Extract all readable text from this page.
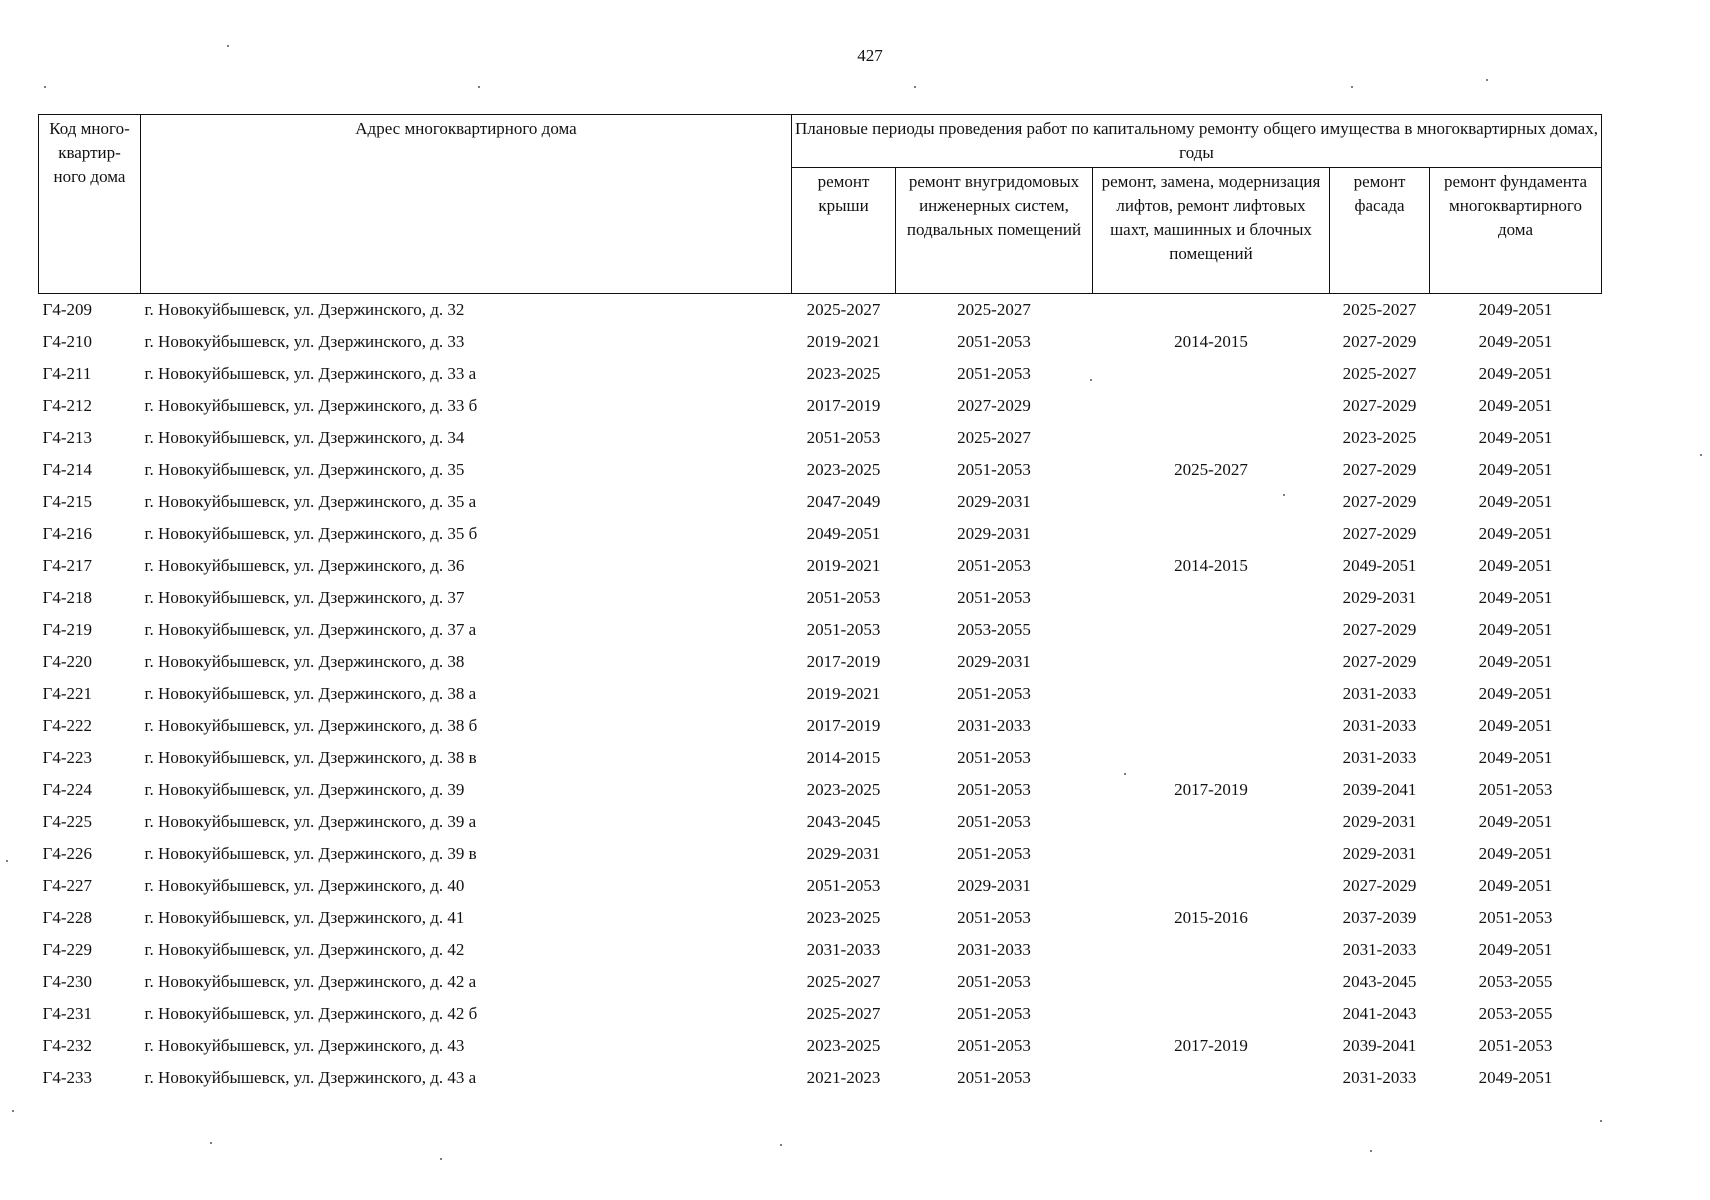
427
Код много-квартир-ного дома	Адрес многоквартирного дома	Плановые периоды проведения работ по капитальному ремонту общего имущества в многоквартирных домах, годы				
		ремонт крыши	ремонт внугридомовых инженерных систем, подвальных помещений	ремонт, замена, модернизация лифтов, ремонт лифтовых шахт, машинных и блочных помещений	ремонт фасада	ремонт фундамента многоквартирного дома
Г4-209	г. Новокуйбышевск, ул. Дзержинского, д. 32	2025-2027	2025-2027		2025-2027	2049-2051
Г4-210	г. Новокуйбышевск, ул. Дзержинского, д. 33	2019-2021	2051-2053	2014-2015	2027-2029	2049-2051
Г4-211	г. Новокуйбышевск, ул. Дзержинского, д. 33 а	2023-2025	2051-2053		2025-2027	2049-2051
Г4-212	г. Новокуйбышевск, ул. Дзержинского, д. 33 б	2017-2019	2027-2029		2027-2029	2049-2051
Г4-213	г. Новокуйбышевск, ул. Дзержинского, д. 34	2051-2053	2025-2027		2023-2025	2049-2051
Г4-214	г. Новокуйбышевск, ул. Дзержинского, д. 35	2023-2025	2051-2053	2025-2027	2027-2029	2049-2051
Г4-215	г. Новокуйбышевск, ул. Дзержинского, д. 35 а	2047-2049	2029-2031		2027-2029	2049-2051
Г4-216	г. Новокуйбышевск, ул. Дзержинского, д. 35 б	2049-2051	2029-2031		2027-2029	2049-2051
Г4-217	г. Новокуйбышевск, ул. Дзержинского, д. 36	2019-2021	2051-2053	2014-2015	2049-2051	2049-2051
Г4-218	г. Новокуйбышевск, ул. Дзержинского, д. 37	2051-2053	2051-2053		2029-2031	2049-2051
Г4-219	г. Новокуйбышевск, ул. Дзержинского, д. 37 а	2051-2053	2053-2055		2027-2029	2049-2051
Г4-220	г. Новокуйбышевск, ул. Дзержинского, д. 38	2017-2019	2029-2031		2027-2029	2049-2051
Г4-221	г. Новокуйбышевск, ул. Дзержинского, д. 38 а	2019-2021	2051-2053		2031-2033	2049-2051
Г4-222	г. Новокуйбышевск, ул. Дзержинского, д. 38 б	2017-2019	2031-2033		2031-2033	2049-2051
Г4-223	г. Новокуйбышевск, ул. Дзержинского, д. 38 в	2014-2015	2051-2053		2031-2033	2049-2051
Г4-224	г. Новокуйбышевск, ул. Дзержинского, д. 39	2023-2025	2051-2053	2017-2019	2039-2041	2051-2053
Г4-225	г. Новокуйбышевск, ул. Дзержинского, д. 39 а	2043-2045	2051-2053		2029-2031	2049-2051
Г4-226	г. Новокуйбышевск, ул. Дзержинского, д. 39 в	2029-2031	2051-2053		2029-2031	2049-2051
Г4-227	г. Новокуйбышевск, ул. Дзержинского, д. 40	2051-2053	2029-2031		2027-2029	2049-2051
Г4-228	г. Новокуйбышевск, ул. Дзержинского, д. 41	2023-2025	2051-2053	2015-2016	2037-2039	2051-2053
Г4-229	г. Новокуйбышевск, ул. Дзержинского, д. 42	2031-2033	2031-2033		2031-2033	2049-2051
Г4-230	г. Новокуйбышевск, ул. Дзержинского, д. 42 а	2025-2027	2051-2053		2043-2045	2053-2055
Г4-231	г. Новокуйбышевск, ул. Дзержинского, д. 42 б	2025-2027	2051-2053		2041-2043	2053-2055
Г4-232	г. Новокуйбышевск, ул. Дзержинского, д. 43	2023-2025	2051-2053	2017-2019	2039-2041	2051-2053
Г4-233	г. Новокуйбышевск, ул. Дзержинского, д. 43 а	2021-2023	2051-2053		2031-2033	2049-2051
